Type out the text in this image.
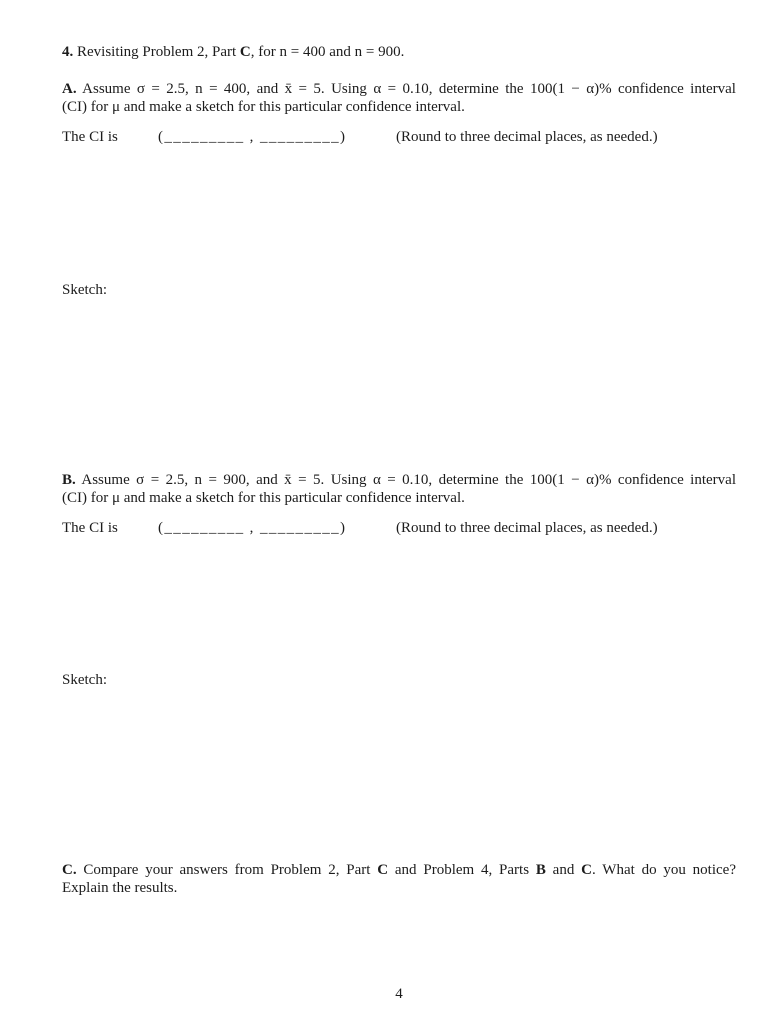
4. Revisiting Problem 2, Part C, for n = 400 and n = 900.
A. Assume σ = 2.5, n = 400, and x̄ = 5. Using α = 0.10, determine the 100(1 − α)% confidence interval
(CI) for μ and make a sketch for this particular confidence interval.
The CI is	(_________ , _________)	(Round to three decimal places, as needed.)
Sketch:
B. Assume σ = 2.5, n = 900, and x̄ = 5. Using α = 0.10, determine the 100(1 − α)% confidence interval
(CI) for μ and make a sketch for this particular confidence interval.
The CI is	(_________ , _________)	(Round to three decimal places, as needed.)
Sketch:
C. Compare your answers from Problem 2, Part C and Problem 4, Parts B and C. What do you notice?
Explain the results.
4
